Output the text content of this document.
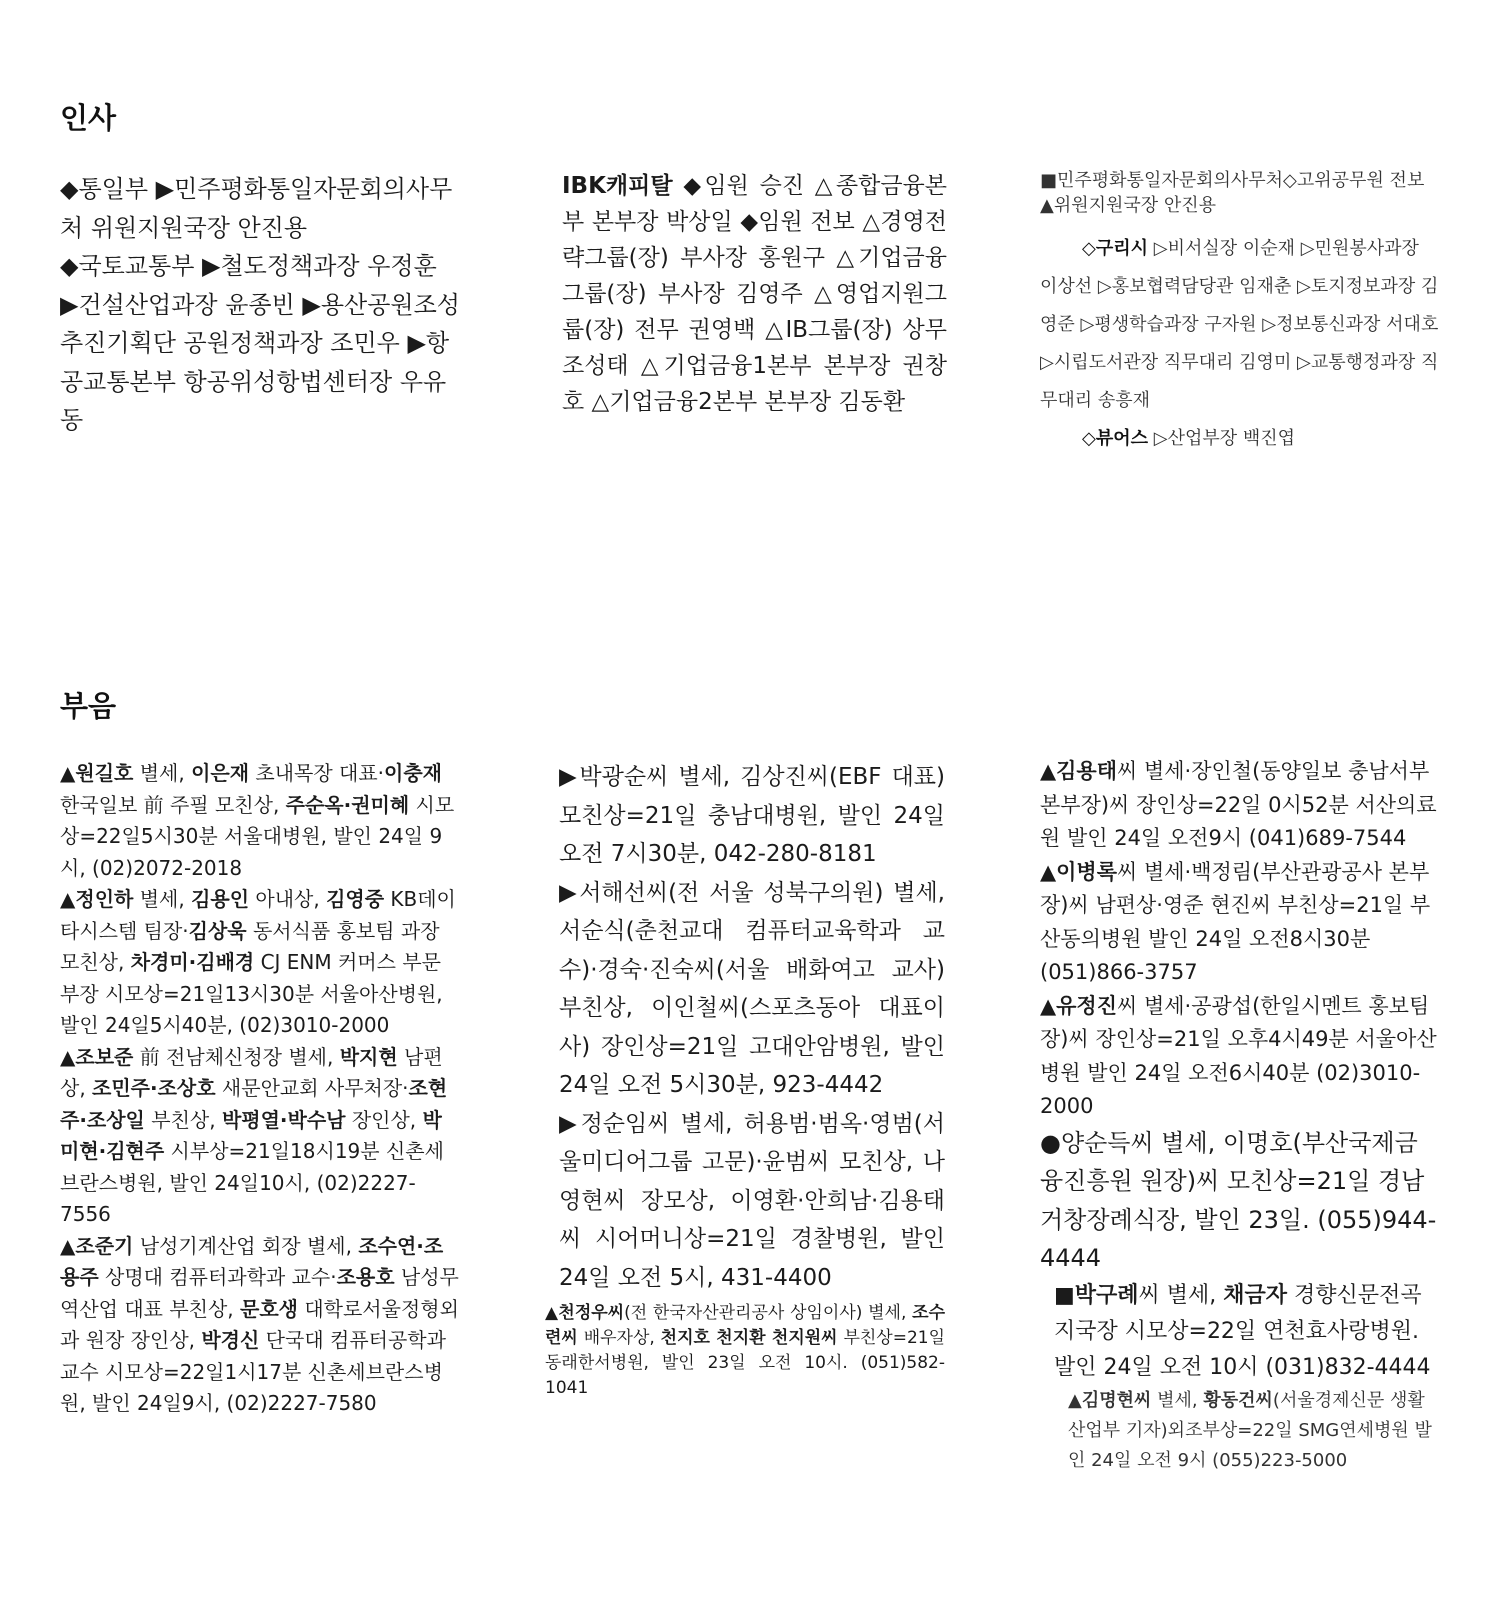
인사

◆통일부 ▶민주평화통일자문회의사무처 위원지원국장 안진용

◆국토교통부 ▶철도정책과장 우정훈 ▶건설산업과장 윤종빈 ▶용산공원조성추진기획단 공원정책과장 조민우 ▶항공교통본부 항공위성항법센터장 우유동

IBK캐피탈 ◆임원 승진 △종합금융본부 본부장 박상일 ◆임원 전보 △경영전략그룹(장) 부사장 홍원구 △기업금융그룹(장) 부사장 김영주 △영업지원그룹(장) 전무 권영백 △IB그룹(장) 상무 조성태 △기업금융1본부 본부장 권창호 △기업금융2본부 본부장 김동환

■민주평화통일자문회의사무처◇고위공무원 전보

▲위원지원국장 안진용

◇구리시 ▷비서실장 이순재 ▷민원봉사과장 이상선 ▷홍보협력담당관 임재춘 ▷토지정보과장 김영준 ▷평생학습과장 구자원 ▷정보통신과장 서대호 ▷시립도서관장 직무대리 김영미 ▷교통행정과장 직무대리 송흥재

◇뷰어스 ▷산업부장 백진엽

부음

▲원길호 별세, 이은재 초내목장 대표·이충재 한국일보 前 주필 모친상, 주순옥·권미혜 시모상=22일5시30분 서울대병원, 발인 24일 9시, (02)2072-2018

▲정인하 별세, 김용인 아내상, 김영중 KB데이타시스템 팀장·김상욱 동서식품 홍보팀 과장 모친상, 차경미·김배경 CJ ENM 커머스 부문 부장 시모상=21일13시30분 서울아산병원, 발인 24일5시40분, (02)3010-2000

▲조보준 前 전남체신청장 별세, 박지현 남편상, 조민주·조상호 새문안교회 사무처장·조현주·조상일 부친상, 박평열·박수남 장인상, 박미현·김현주 시부상=21일18시19분 신촌세브란스병원, 발인 24일10시, (02)2227-7556

▲조준기 남성기계산업 회장 별세, 조수연·조용주 상명대 컴퓨터과학과 교수·조용호 남성무역산업 대표 부친상, 문호생 대학로서울정형외과 원장 장인상, 박경신 단국대 컴퓨터공학과 교수 시모상=22일1시17분 신촌세브란스병원, 발인 24일9시, (02)2227-7580

▶박광순씨 별세, 김상진씨(EBF 대표) 모친상=21일 충남대병원, 발인 24일 오전 7시30분, 042-280-8181

▶서해선씨(전 서울 성북구의원) 별세, 서순식(춘천교대 컴퓨터교육학과 교수)·경숙·진숙씨(서울 배화여고 교사) 부친상, 이인철씨(스포츠동아 대표이사) 장인상=21일 고대안암병원, 발인 24일 오전 5시30분, 923-4442

▶정순임씨 별세, 허용범·범옥·영범(서울미디어그룹 고문)·윤범씨 모친상, 나영현씨 장모상, 이영환·안희남·김용태씨 시어머니상=21일 경찰병원, 발인 24일 오전 5시, 431-4400

▲천정우씨(전 한국자산관리공사 상임이사) 별세, 조수련씨 배우자상, 천지호 천지환 천지원씨 부친상=21일 동래한서병원, 발인 23일 오전 10시. (051)582-1041

▲김용태씨 별세·장인철(동양일보 충남서부본부장)씨 장인상=22일 0시52분 서산의료원 발인 24일 오전9시 (041)689-7544

▲이병록씨 별세·백정림(부산관광공사 본부장)씨 남편상·영준 현진씨 부친상=21일 부산동의병원 발인 24일 오전8시30분 (051)866-3757

▲유정진씨 별세·공광섭(한일시멘트 홍보팀장)씨 장인상=21일 오후4시49분 서울아산병원 발인 24일 오전6시40분 (02)3010-2000

●양순득씨 별세, 이명호(부산국제금융진흥원 원장)씨 모친상=21일 경남거창장례식장, 발인 23일. (055)944-4444

■박구례씨 별세, 채금자 경향신문전곡지국장 시모상=22일 연천효사랑병원. 발인 24일 오전 10시 (031)832-4444

▲김명현씨 별세, 황동건씨(서울경제신문 생활산업부 기자)외조부상=22일 SMG연세병원 발인 24일 오전 9시 (055)223-5000
